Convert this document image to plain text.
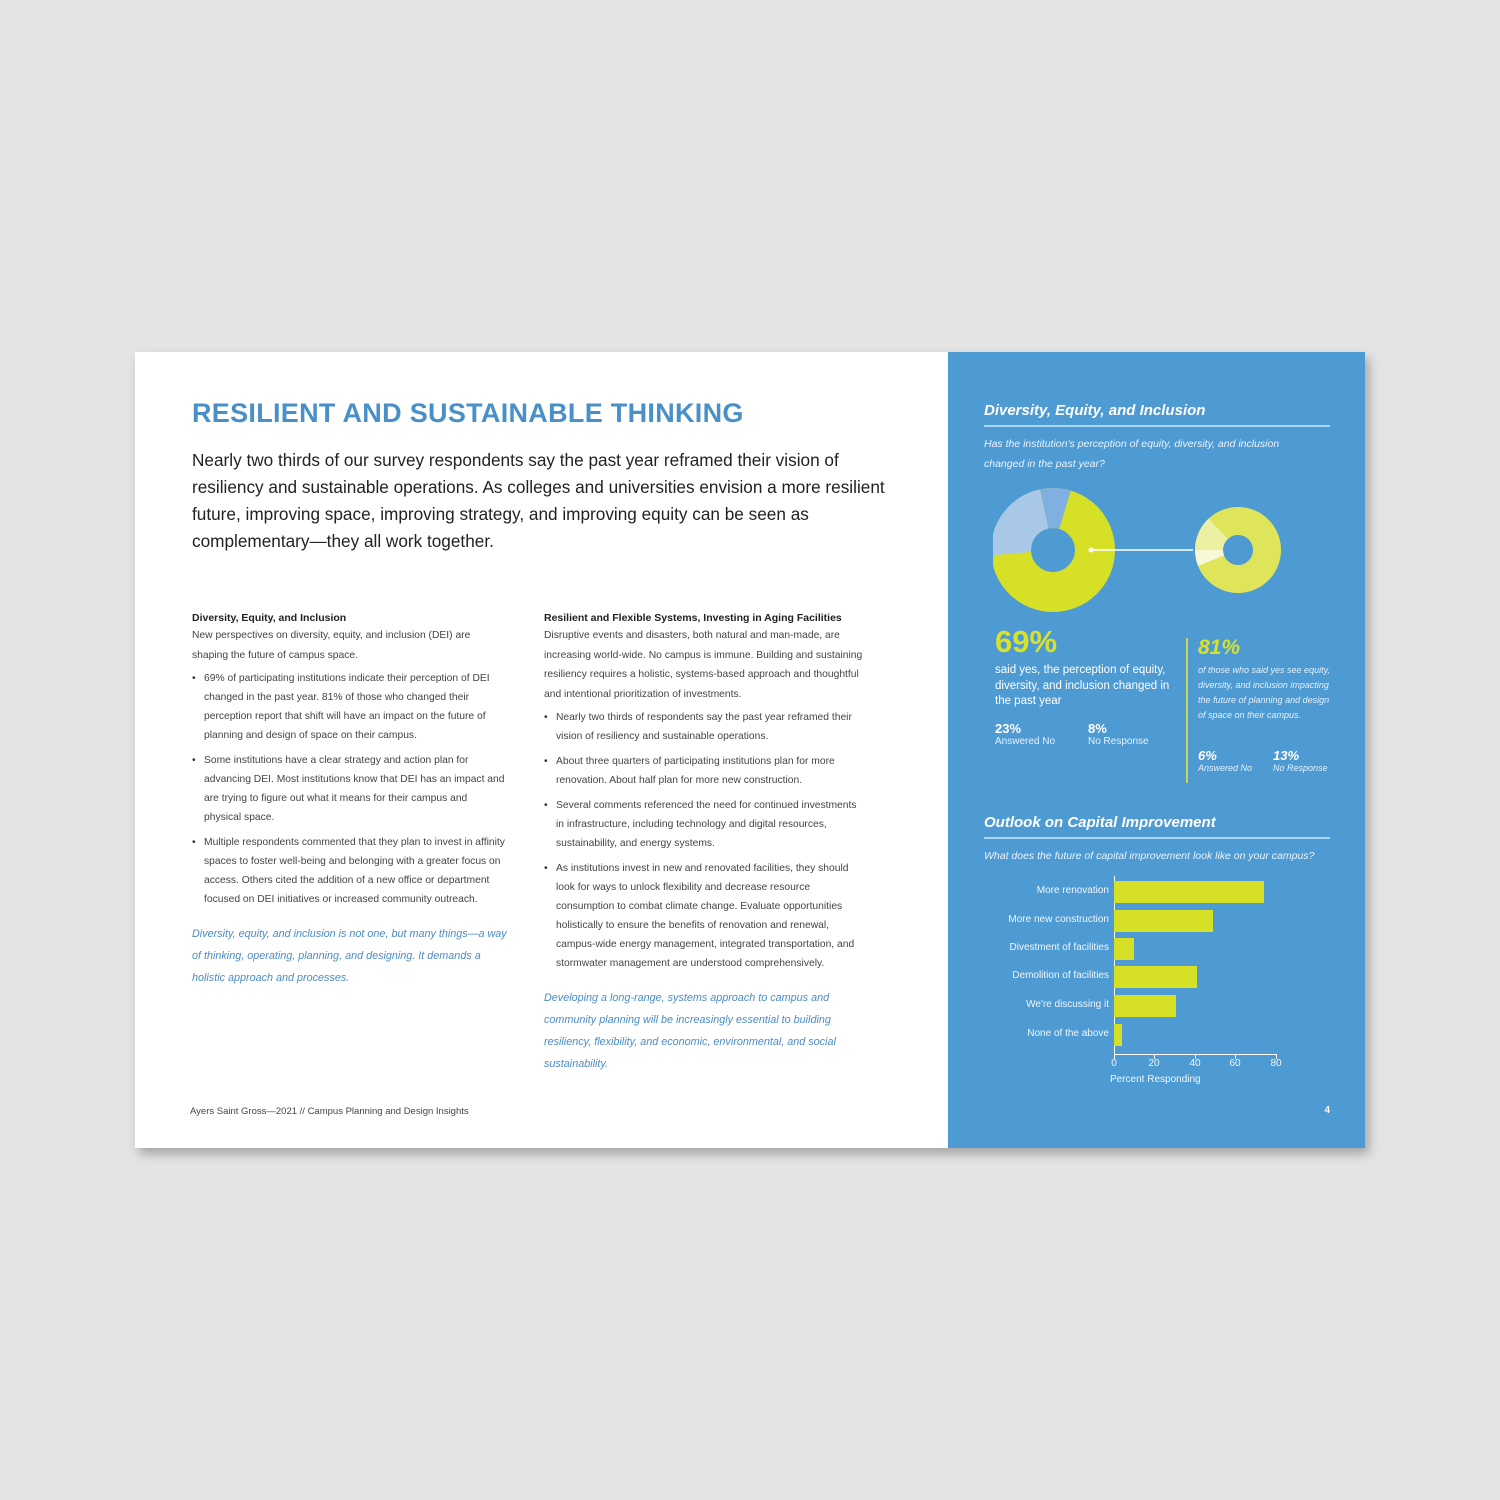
RESILIENT AND SUSTAINABLE THINKING
Nearly two thirds of our survey respondents say the past year reframed their vision of resiliency and sustainable operations. As colleges and universities envision a more resilient future, improving space, improving strategy, and improving equity can be seen as complementary—they all work together.
Diversity, Equity, and Inclusion

New perspectives on diversity, equity, and inclusion (DEI) are shaping the future of campus space.

• 69% of participating institutions indicate their perception of DEI changed in the past year. 81% of those who changed their perception report that shift will have an impact on the future of planning and design of space on their campus.
• Some institutions have a clear strategy and action plan for advancing DEI. Most institutions know that DEI has an impact and are trying to figure out what it means for their campus and physical space.
• Multiple respondents commented that they plan to invest in affinity spaces to foster well-being and belonging with a greater focus on access. Others cited the addition of a new office or department focused on DEI initiatives or increased community outreach.
Diversity, equity, and inclusion is not one, but many things—a way of thinking, operating, planning, and designing. It demands a holistic approach and processes.
Resilient and Flexible Systems, Investing in Aging Facilities

Disruptive events and disasters, both natural and man-made, are increasing world-wide. No campus is immune. Building and sustaining resiliency requires a holistic, systems-based approach and thoughtful and intentional prioritization of investments.

• Nearly two thirds of respondents say the past year reframed their vision of resiliency and sustainable operations.
• About three quarters of participating institutions plan for more renovation. About half plan for more new construction.
• Several comments referenced the need for continued investments in infrastructure, including technology and digital resources, sustainability, and energy systems.
• As institutions invest in new and renovated facilities, they should look for ways to unlock flexibility and decrease resource consumption to combat climate change. Evaluate opportunities holistically to ensure the benefits of renovation and renewal, campus-wide energy management, integrated transportation, and stormwater management are understood comprehensively.
Developing a long-range, systems approach to campus and community planning will be increasingly essential to building resiliency, flexibility, and economic, environmental, and social sustainability.
Ayers Saint Gross—2021 // Campus Planning and Design Insights
Diversity, Equity, and Inclusion
Has the institution's perception of equity, diversity, and inclusion changed in the past year?
69%
said yes, the perception of equity, diversity, and inclusion changed in the past year
23%
Answered No
8%
No Response
81%
of those who said yes see equity, diversity, and inclusion impacting the future of planning and design of space on their campus.
6%
Answered No
13%
No Response
Outlook on Capital Improvement
What does the future of capital improvement look like on your campus?
More renovation
More new construction
Divestment of facilities
Demolition of facilities
We're discussing it
None of the above
0	20	40	60	80
Percent Responding
4
